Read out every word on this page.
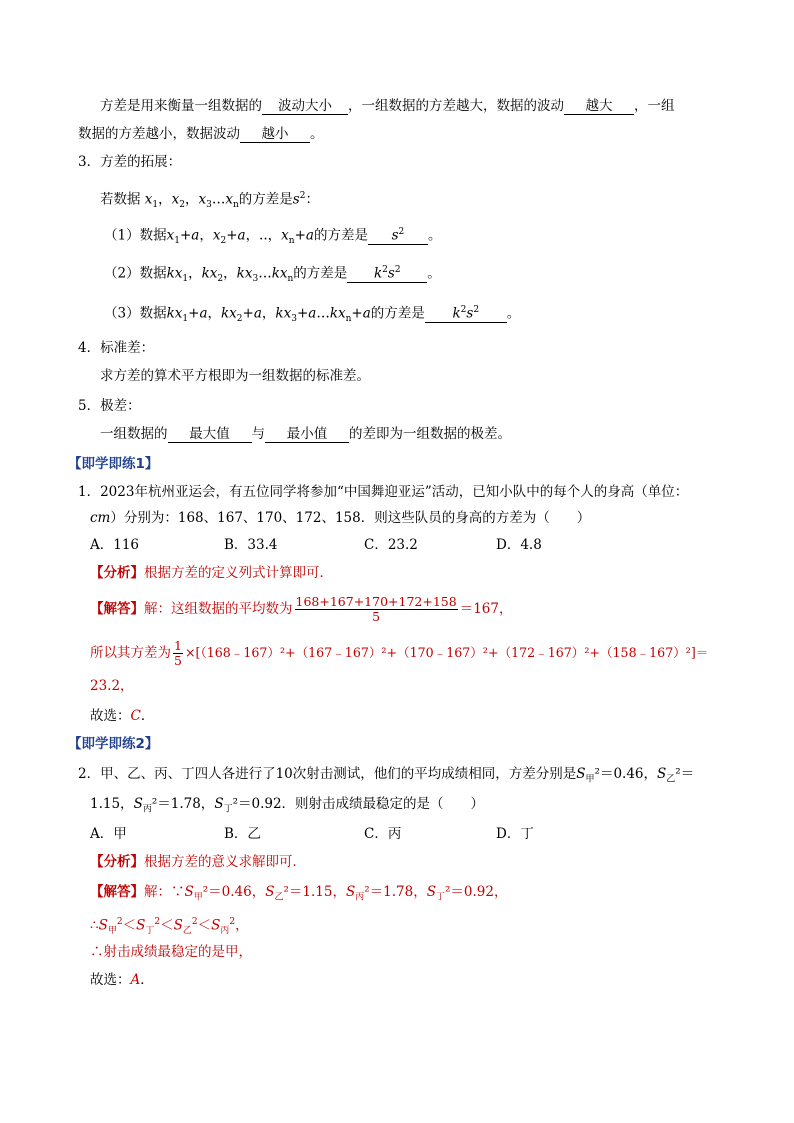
方差是用来衡量一组数据的 波动大小 ，一组数据的方差越大，数据的波动 越大 ，一组
数据的方差越小，数据波动 越小 。
3．方差的拓展：
若数据 $x_1$，$x_2$，$x_3\dots x_n$的方差是$s^2$：
（1）数据$x_1+a$，$x_2+a$，..，$x_n+a$的方差是 $s^2$ 。
（2）数据$kx_1$，$kx_2$，$kx_3\dots kx_n$的方差是 $k^2s^2$ 。
（3）数据$kx_1+a$，$kx_2+a$，$kx_3+a\dots kx_n+a$的方差是 $k^2s^2$ 。
4．标准差：
求方差的算术平方根即为一组数据的标准差。
5．极差：
一组数据的 最大值 与 最小值 的差即为一组数据的极差。
【即学即练1】
1．2023年杭州亚运会，有五位同学将参加“中国舞迎亚运”活动，已知小队中的每个人的身高（单位：
cm）分别为：168、167、170、172、158．则这些队员的身高的方差为（　　）
A．116	B．33.4	C．23.2	D．4.8
【分析】根据方差的定义列式计算即可．
【解答】解：这组数据的平均数为 $\frac{168+167+170+172+158}{5} =167$，
所以其方差为 $\frac{1}{5}$ ×[（168﹣167）²+（167﹣167）²+（170﹣167）²+（172﹣167）²+（158﹣167）²]＝
23.2，
故选：C．
【即学即练2】
2．甲、乙、丙、丁四人各进行了10次射击测试，他们的平均成绩相同，方差分别是$S_甲^2=0.46$，$S_乙^2=$
1.15，$S_丙^2=1.78$，$S_丁^2=0.92$．则射击成绩最稳定的是（　　）
A．甲	B．乙	C．丙	D．丁
【分析】根据方差的意义求解即可．
【解答】解：$\because S_甲^2=0.46$，$S_乙^2=1.15$，$S_丙^2=1.78$，$S_丁^2=0.92$，
$\therefore S_甲^2<S_丁^2<S_乙^2<S_丙^2$，
∴射击成绩最稳定的是甲，
故选：A．
